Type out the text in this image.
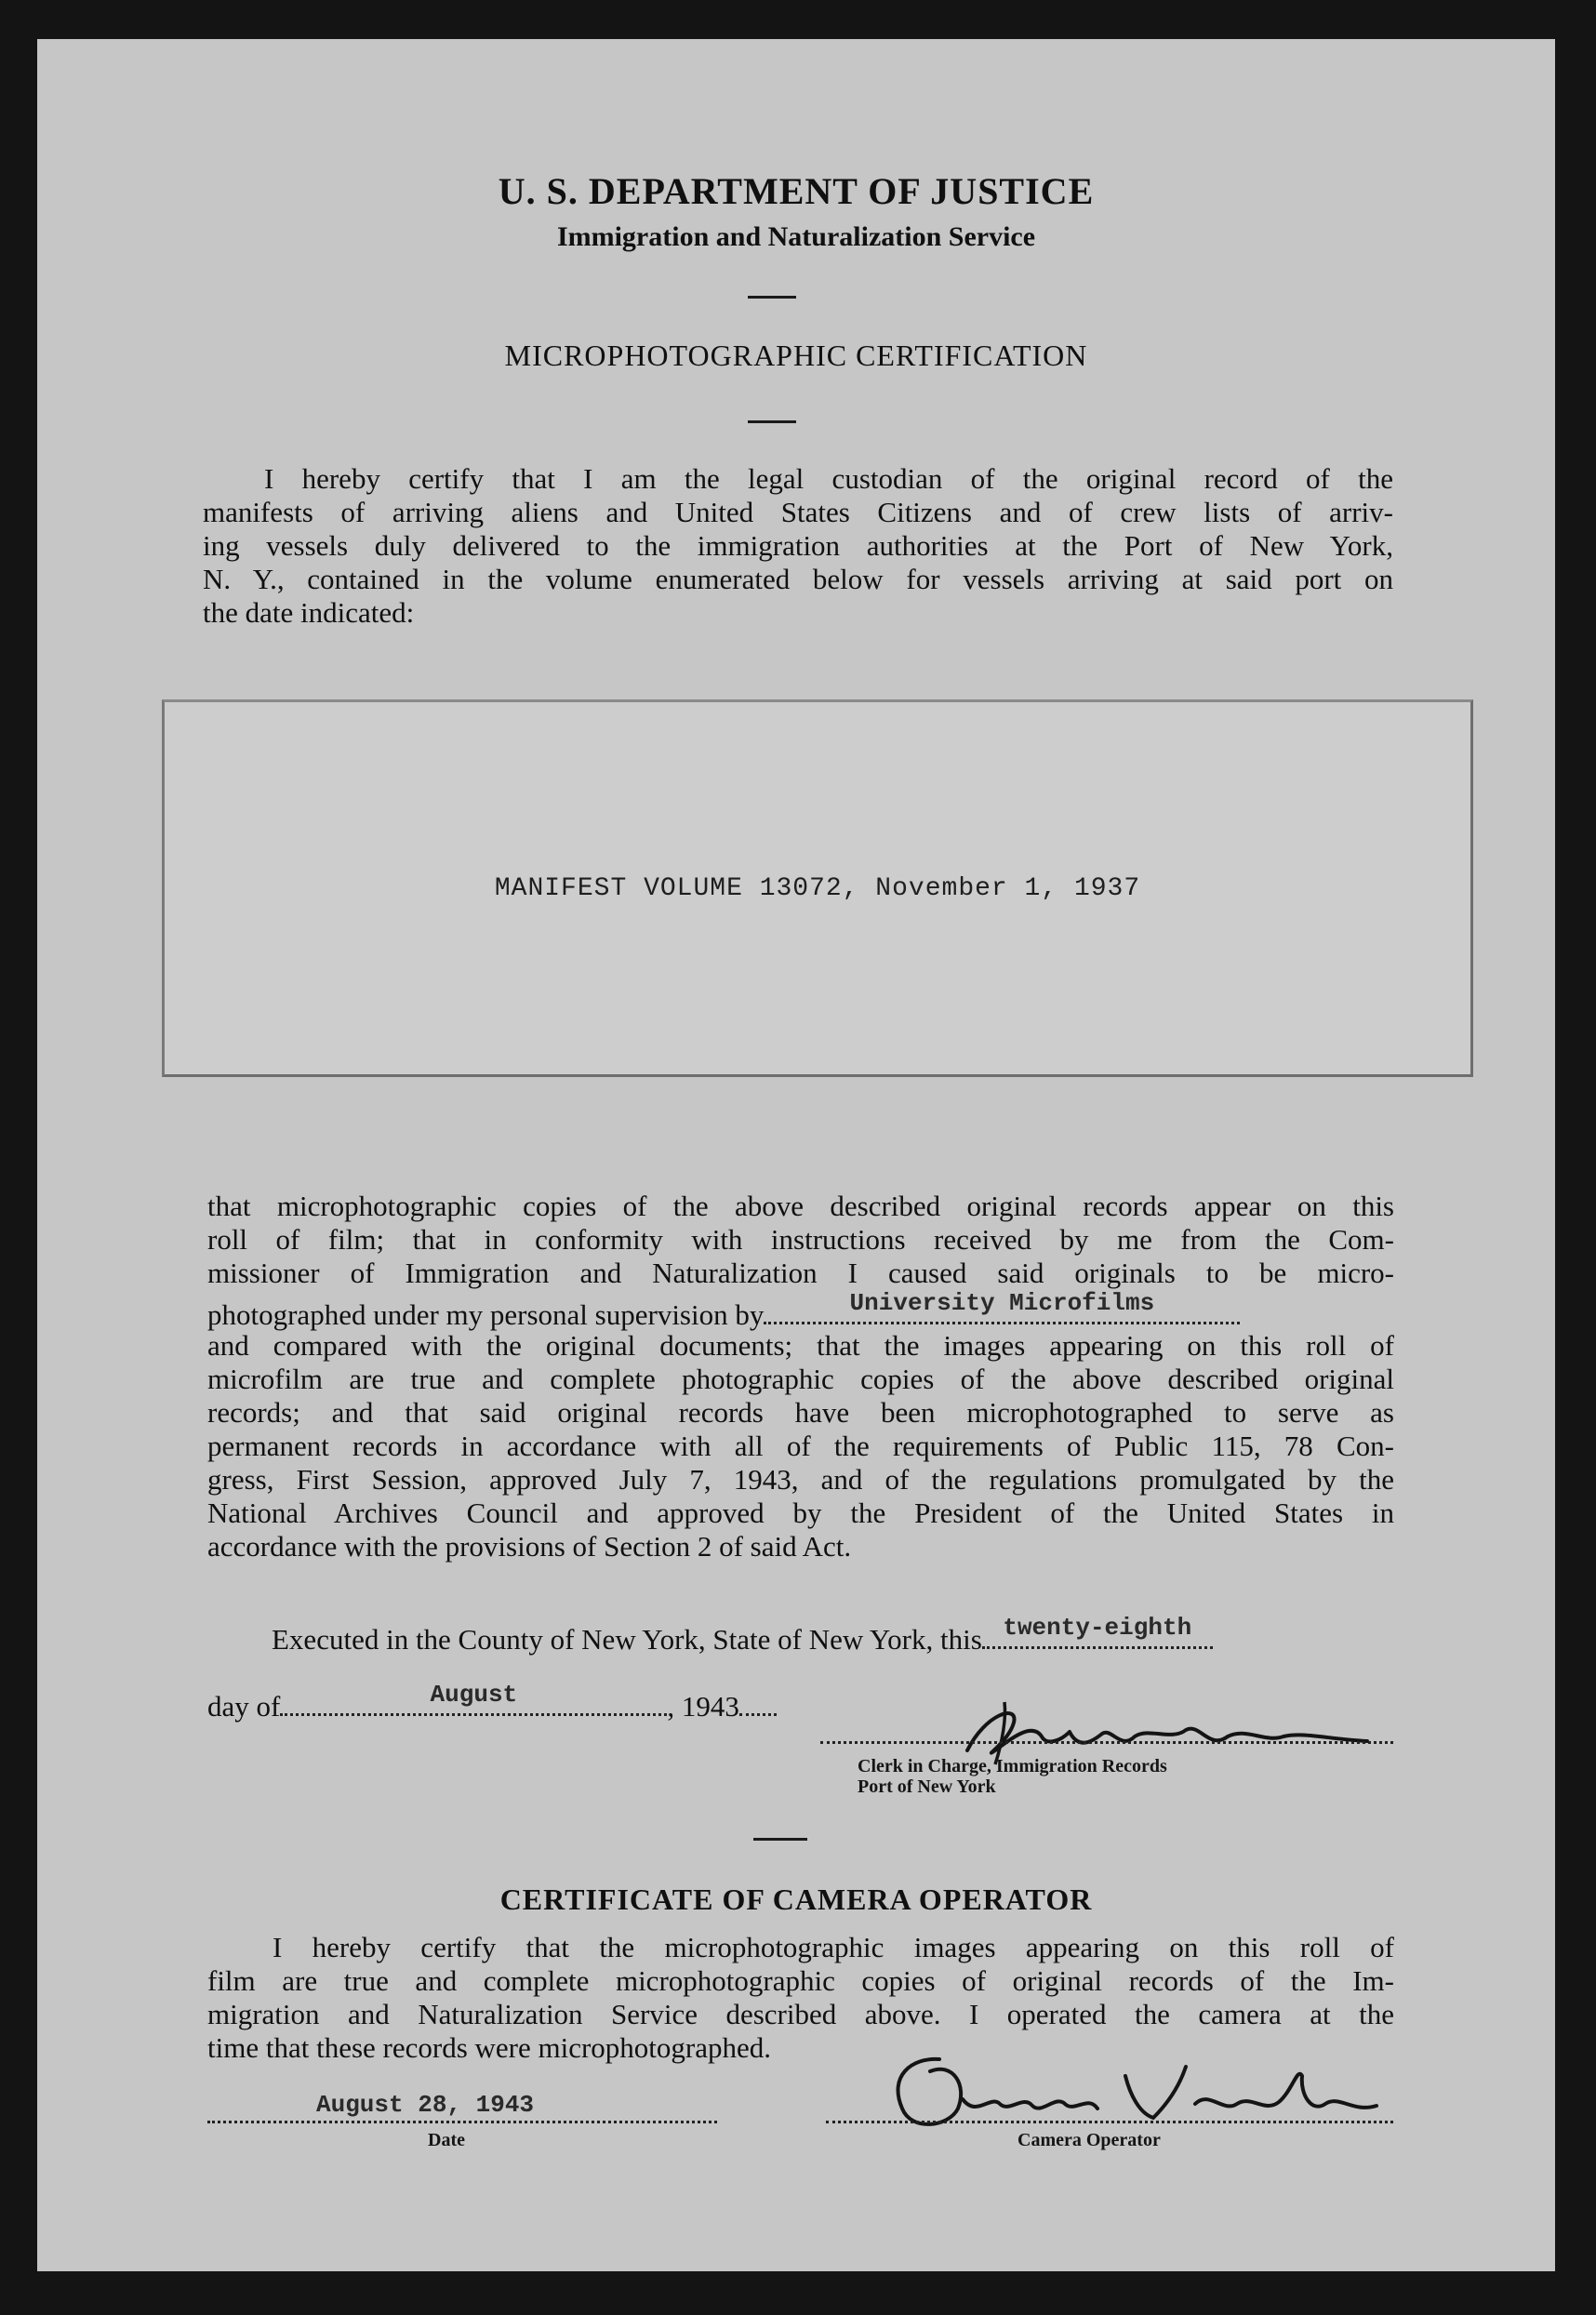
U. S. DEPARTMENT OF JUSTICE
Immigration and Naturalization Service
MICROPHOTOGRAPHIC CERTIFICATION
I hereby certify that I am the legal custodian of the original record of the
manifests of arriving aliens and United States Citizens and of crew lists of arriv-
ing vessels duly delivered to the immigration authorities at the Port of New York,
N. Y., contained in the volume enumerated below for vessels arriving at said port on
the date indicated:
MANIFEST VOLUME 13072, November 1, 1937
that microphotographic copies of the above described original records appear on this
roll of film; that in conformity with instructions received by me from the Com-
missioner of Immigration and Naturalization I caused said originals to be micro-
photographed under my personal supervision by	University Microfilms
and compared with the original documents; that the images appearing on this roll of
microfilm are true and complete photographic copies of the above described original
records; and that said original records have been microphotographed to serve as
permanent records in accordance with all of the requirements of Public 115, 78 Con-
gress, First Session, approved July 7, 1943, and of the regulations promulgated by the
National Archives Council and approved by the President of the United States in
accordance with the provisions of Section 2 of said Act.
Executed in the County of New York, State of New York, this twenty-eighth
day of	August	, 1943
Clerk in Charge, Immigration Records
Port of New York
CERTIFICATE OF CAMERA OPERATOR
I hereby certify that the microphotographic images appearing on this roll of
film are true and complete microphotographic copies of original records of the Im-
migration and Naturalization Service described above. I operated the camera at the
time that these records were microphotographed.
August 28, 1943
Date	Camera Operator
